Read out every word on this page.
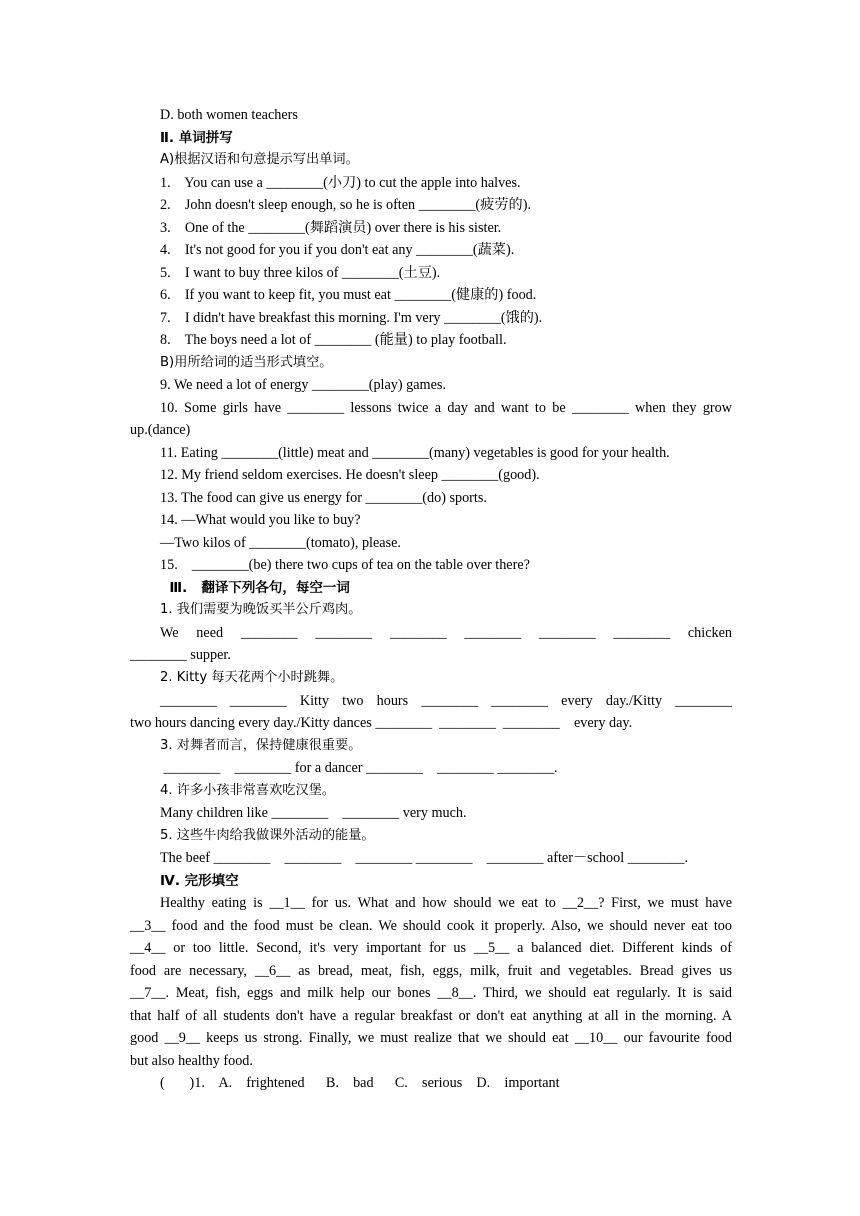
D. both women teachers
Ⅱ. 单词拼写
A)根据汉语和句意提示写出单词。
1.    You can use a ________(小刀) to cut the apple into halves.
2.    John doesn't sleep enough, so he is often ________(疲劳的).
3.    One of the ________(舞蹈演员) over there is his sister.
4.    It's not good for you if you don't eat any ________(蔬菜).
5.    I want to buy three kilos of ________(土豆).
6.    If you want to keep fit, you must eat ________(健康的) food.
7.    I didn't have breakfast this morning. I'm very ________(饿的).
8.    The boys need a lot of ________ (能量) to play football.
B)用所给词的适当形式填空。
9. We need a lot of energy ________(play) games.
10. Some girls have ________ lessons twice a day and want to be ________ when they grow
up.(dance)
11. Eating ________(little) meat and ________(many) vegetables is good for your health.
12. My friend seldom exercises. He doesn't sleep ________(good).
13. The food can give us energy for ________(do) sports.
14. —What would you like to buy?
—Two kilos of ________(tomato), please.
15.    ________(be) there two cups of tea on the table over there?
Ⅲ.   翻译下列各句，每空一词
1. 我们需要为晚饭买半公斤鸡肉。
We need ________ ________ ________ ________ ________ ________ chicken
________ supper.
2. Kitty 每天花两个小时跳舞。
________ ________ Kitty two hours ________ ________ every day./Kitty ________
two hours dancing every day./Kitty dances ________  ________  ________    every day.
3. 对舞者而言，保持健康很重要。
________    ________ for a dancer ________    ________ ________.
4. 许多小孩非常喜欢吃汉堡。
Many children like ________    ________ very much.
5. 这些牛肉给我做课外活动的能量。
The beef ________    ________    ________ ________    ________ after－school ________.
Ⅳ. 完形填空
Healthy eating is __1__ for us. What and how should we eat to __2__? First, we must have
__3__ food and the food must be clean. We should cook it properly. Also, we should never eat too
__4__ or too little. Second, it's very important for us __5__ a balanced diet. Different kinds of
food are necessary, __6__ as bread, meat, fish, eggs, milk, fruit and vegetables. Bread gives us
__7__. Meat, fish, eggs and milk help our bones __8__. Third, we should eat regularly. It is said
that half of all students don't have a regular breakfast or don't eat anything at all in the morning. A
good __9__ keeps us strong. Finally, we must realize that we should eat __10__ our favourite food
but also healthy food.
(       )1.    A.    frightened      B.    bad      C.    serious    D.    important
